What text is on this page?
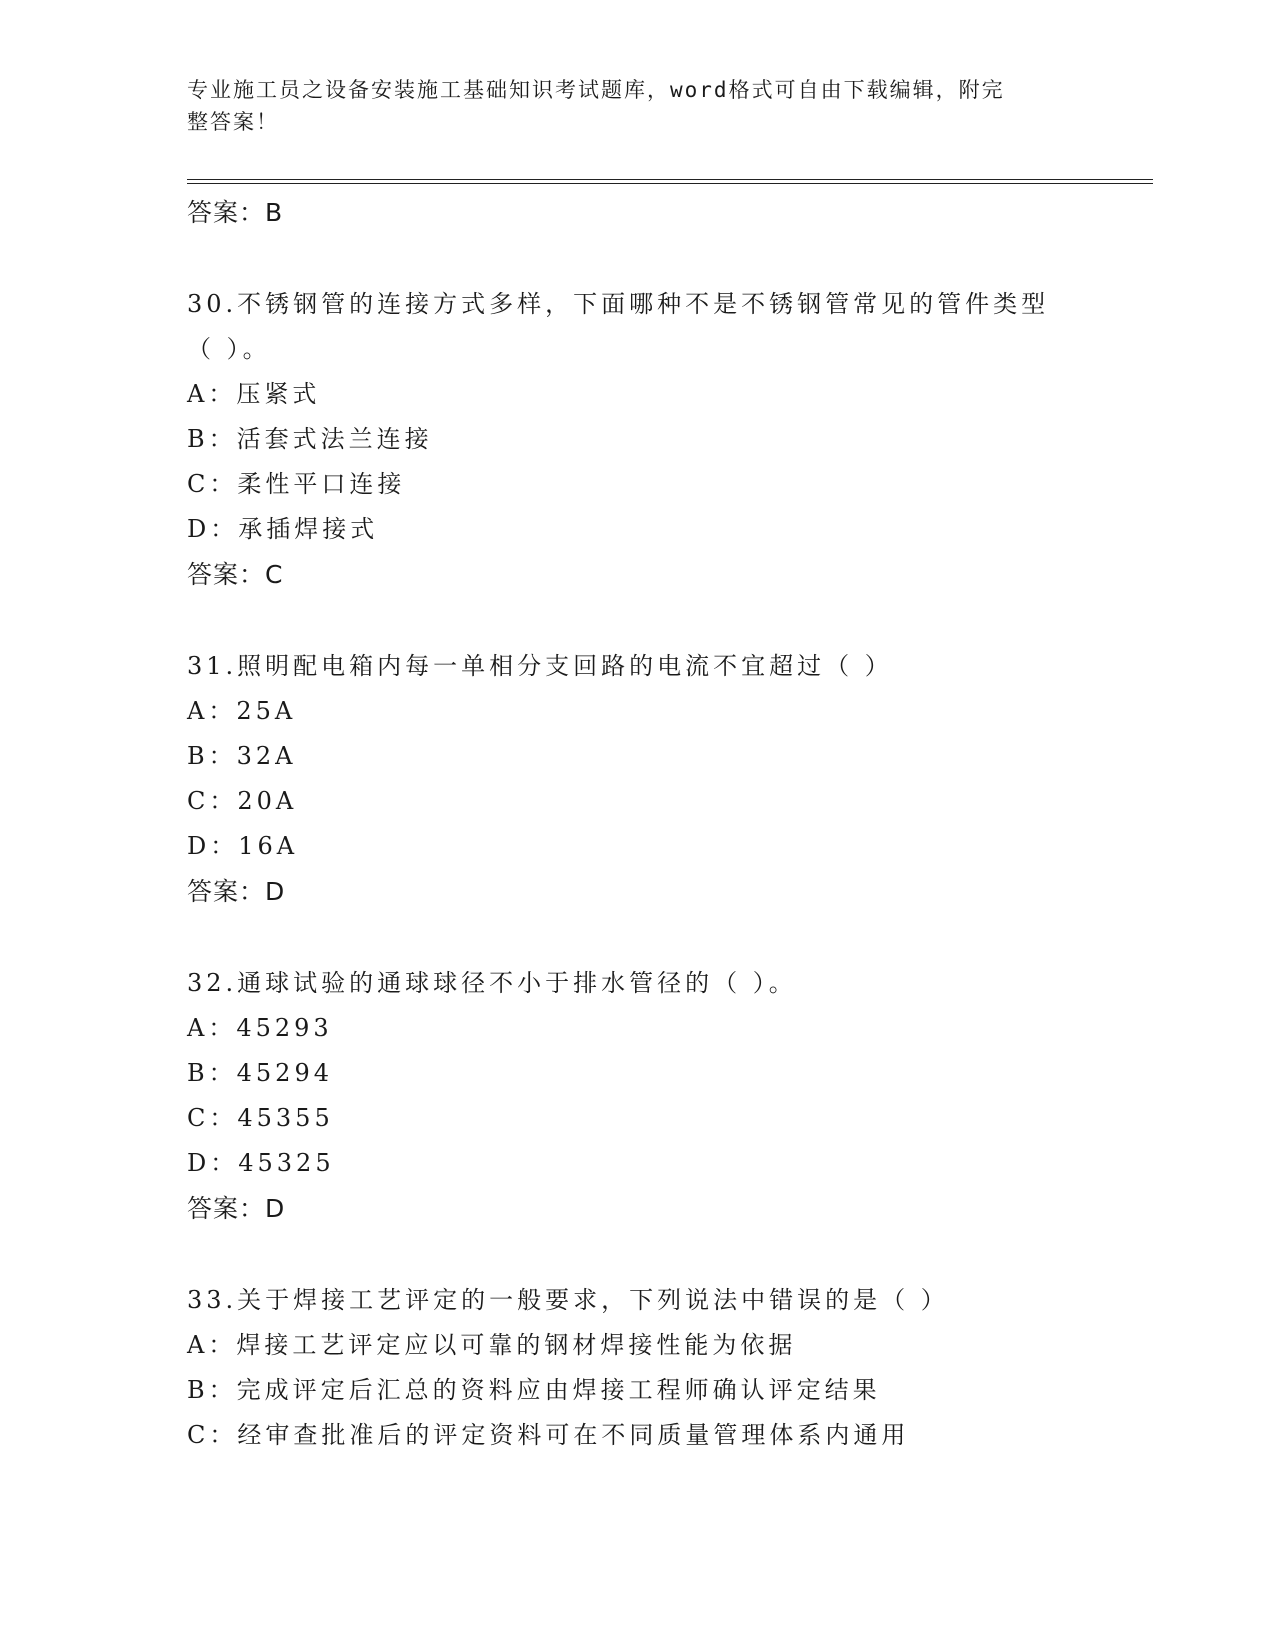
专业施工员之设备安装施工基础知识考试题库，word格式可自由下载编辑，附完
整答案！
答案：B
30.不锈钢管的连接方式多样，下面哪种不是不锈钢管常见的管件类型
（ ）。
A：压紧式
B：活套式法兰连接
C：柔性平口连接
D：承插焊接式
答案：C
31.照明配电箱内每一单相分支回路的电流不宜超过（ ）
A：25A
B：32A
C：20A
D：16A
答案：D
32.通球试验的通球球径不小于排水管径的（ ）。
A：45293
B：45294
C：45355
D：45325
答案：D
33.关于焊接工艺评定的一般要求，下列说法中错误的是（ ）
A：焊接工艺评定应以可靠的钢材焊接性能为依据
B：完成评定后汇总的资料应由焊接工程师确认评定结果
C：经审查批准后的评定资料可在不同质量管理体系内通用
